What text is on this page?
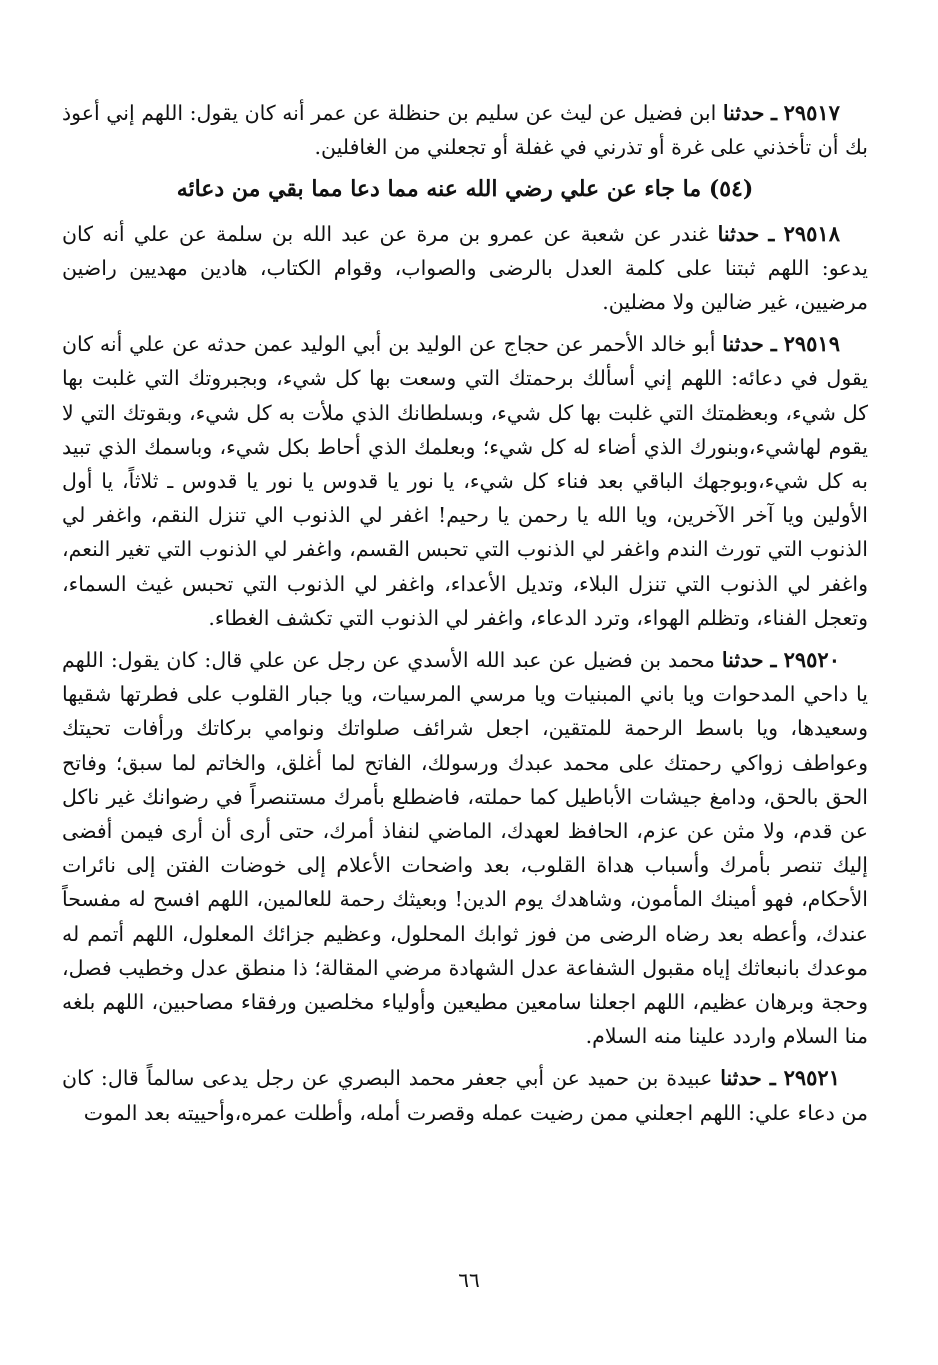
٢٩٥١٧ ـ حدثنا ابن فضيل عن ليث عن سليم بن حنظلة عن عمر أنه كان يقول: اللهم إني أعوذ بك أن تأخذني على غرة أو تذرني في غفلة أو تجعلني من الغافلين.

(٥٤) ما جاء عن علي رضي الله عنه مما دعا مما بقي من دعائه

٢٩٥١٨ ـ حدثنا غندر عن شعبة عن عمرو بن مرة عن عبد الله بن سلمة عن علي أنه كان يدعو: اللهم ثبتنا على كلمة العدل بالرضى والصواب، وقوام الكتاب، هادين مهديين راضين مرضيين، غير ضالين ولا مضلين.

٢٩٥١٩ ـ حدثنا أبو خالد الأحمر عن حجاج عن الوليد بن أبي الوليد عمن حدثه عن علي أنه كان يقول في دعائه: اللهم إني أسألك برحمتك التي وسعت بها كل شيء، وبجبروتك التي غلبت بها كل شيء، وبعظمتك التي غلبت بها كل شيء، وبسلطانك الذي ملأت به كل شيء، وبقوتك التي لا يقوم لهاشيء،وبنورك الذي أضاء له كل شيء؛ وبعلمك الذي أحاط بكل شيء، وباسمك الذي تبيد به كل شيء،وبوجهك الباقي بعد فناء كل شيء، يا نور يا قدوس يا نور يا قدوس ـ ثلاثاً، يا أول الأولين ويا آخر الآخرين، ويا الله يا رحمن يا رحيم! اغفر لي الذنوب الي تنزل النقم، واغفر لي الذنوب التي تورث الندم واغفر لي الذنوب التي تحبس القسم، واغفر لي الذنوب التي تغير النعم، واغفر لي الذنوب التي تنزل البلاء، وتديل الأعداء، واغفر لي الذنوب التي تحبس غيث السماء، وتعجل الفناء، وتظلم الهواء، وترد الدعاء، واغفر لي الذنوب التي تكشف الغطاء.

٢٩٥٢٠ ـ حدثنا محمد بن فضيل عن عبد الله الأسدي عن رجل عن علي قال: كان يقول: اللهم يا داحي المدحوات ويا باني المبنيات ويا مرسي المرسيات، ويا جبار القلوب على فطرتها شقيها وسعيدها، ويا باسط الرحمة للمتقين، اجعل شرائف صلواتك ونوامي بركاتك ورأفات تحيتك وعواطف زواكي رحمتك على محمد عبدك ورسولك، الفاتح لما أغلق، والخاتم لما سبق؛ وفاتح الحق بالحق، ودامغ جيشات الأباطيل كما حملته، فاضطلع بأمرك مستنصراً في رضوانك غير ناكل عن قدم، ولا مثن عن عزم، الحافظ لعهدك، الماضي لنفاذ أمرك، حتى أرى أن أرى فيمن أفضى إليك تنصر بأمرك وأسباب هداة القلوب، بعد واضحات الأعلام إلى خوضات الفتن إلى نائرات الأحكام، فهو أمينك المأمون، وشاهدك يوم الدين! وبعيثك رحمة للعالمين، اللهم افسح له مفسحاً عندك، وأعطه بعد رضاه الرضى من فوز ثوابك المحلول، وعظيم جزائك المعلول، اللهم أتمم له موعدك بانبعاثك إياه مقبول الشفاعة عدل الشهادة مرضي المقالة؛ ذا منطق عدل وخطيب فصل، وحجة وبرهان عظيم، اللهم اجعلنا سامعين مطيعين وأولياء مخلصين ورفقاء مصاحبين، اللهم بلغه منا السلام واردد علينا منه السلام.

٢٩٥٢١ ـ حدثنا عبيدة بن حميد عن أبي جعفر محمد البصري عن رجل يدعى سالماً قال: كان من دعاء علي: اللهم اجعلني ممن رضيت عمله وقصرت أمله، وأطلت عمره،وأحييته بعد الموت

٦٦
